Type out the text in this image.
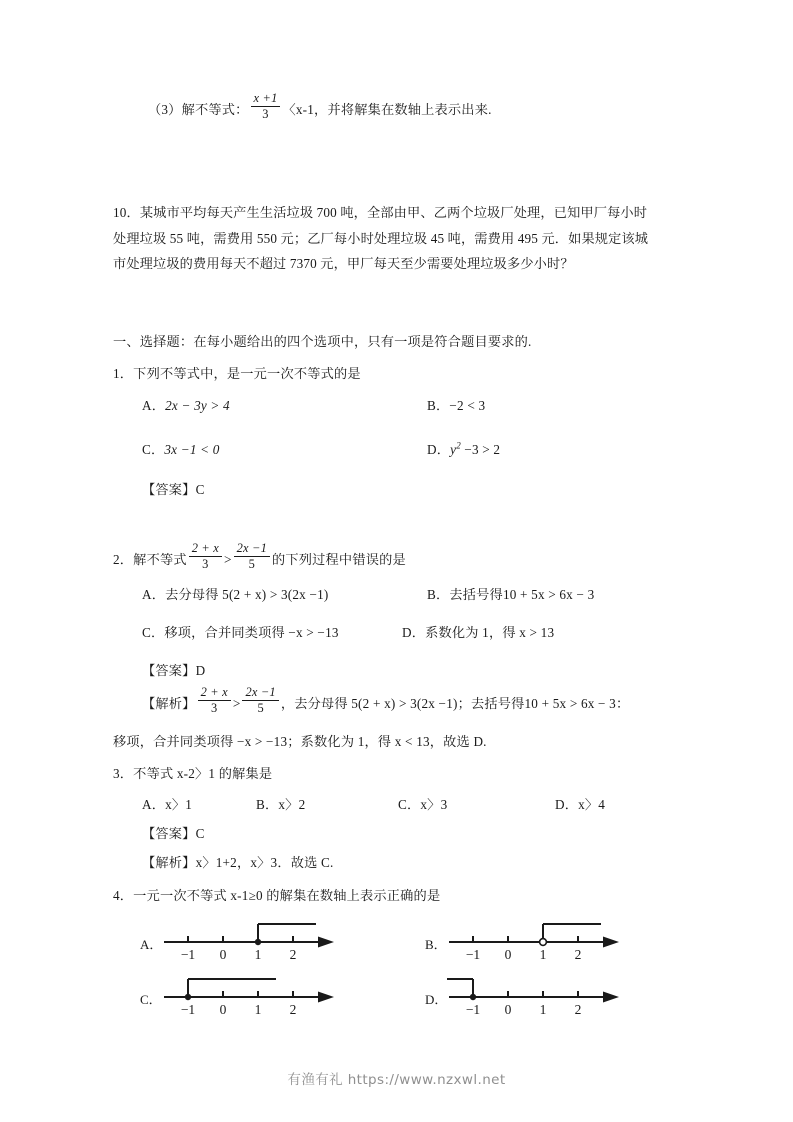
（3）解不等式： $\frac{x +1}{3}$ 〈x-1，并将解集在数轴上表示出来.
10．某城市平均每天产生生活垃圾 700 吨，全部由甲、乙两个垃圾厂处理，已知甲厂每小时
处理垃圾 55 吨，需费用 550 元；乙厂每小时处理垃圾 45 吨，需费用 495 元．如果规定该城
市处理垃圾的费用每天不超过 7370 元，甲厂每天至少需要处理垃圾多少小时？
一、选择题：在每小题给出的四个选项中，只有一项是符合题目要求的.
1．下列不等式中，是一元一次不等式的是
A．2x − 3y > 4	B．−2 < 3
C．3x −1 < 0	D．$y^2 -3 > 2$
【答案】C
2．解不等式 $\frac{2 + x}{3} > \frac{2x -1}{5}$ 的下列过程中错误的是
A．去分母得 5(2 + x) > 3(2x −1)	B．去括号得10 + 5x > 6x − 3
C．移项，合并同类项得 −x > −13	D．系数化为 1，得 x > 13
【答案】D
【解析】 $\frac{2 + x}{3} > \frac{2x -1}{5}$ ，去分母得 5(2 + x) > 3(2x −1)；去括号得10 + 5x > 6x − 3：
移项，合并同类项得 −x > −13；系数化为 1，得 x < 13，故选 D.
3．不等式 x-2〉1 的解集是
A．x〉1	B．x〉2	C．x〉3	D．x〉4
【答案】C
【解析】x〉1+2，x〉3．故选 C.
4．一元一次不等式 x-1≥0 的解集在数轴上表示正确的是
A．
−1 0 1 2
B．
−1 0 1 2
C．
−1 0 1 2
D．
−1 0 1 2
有渔有礼 https://www.nzxwl.net
